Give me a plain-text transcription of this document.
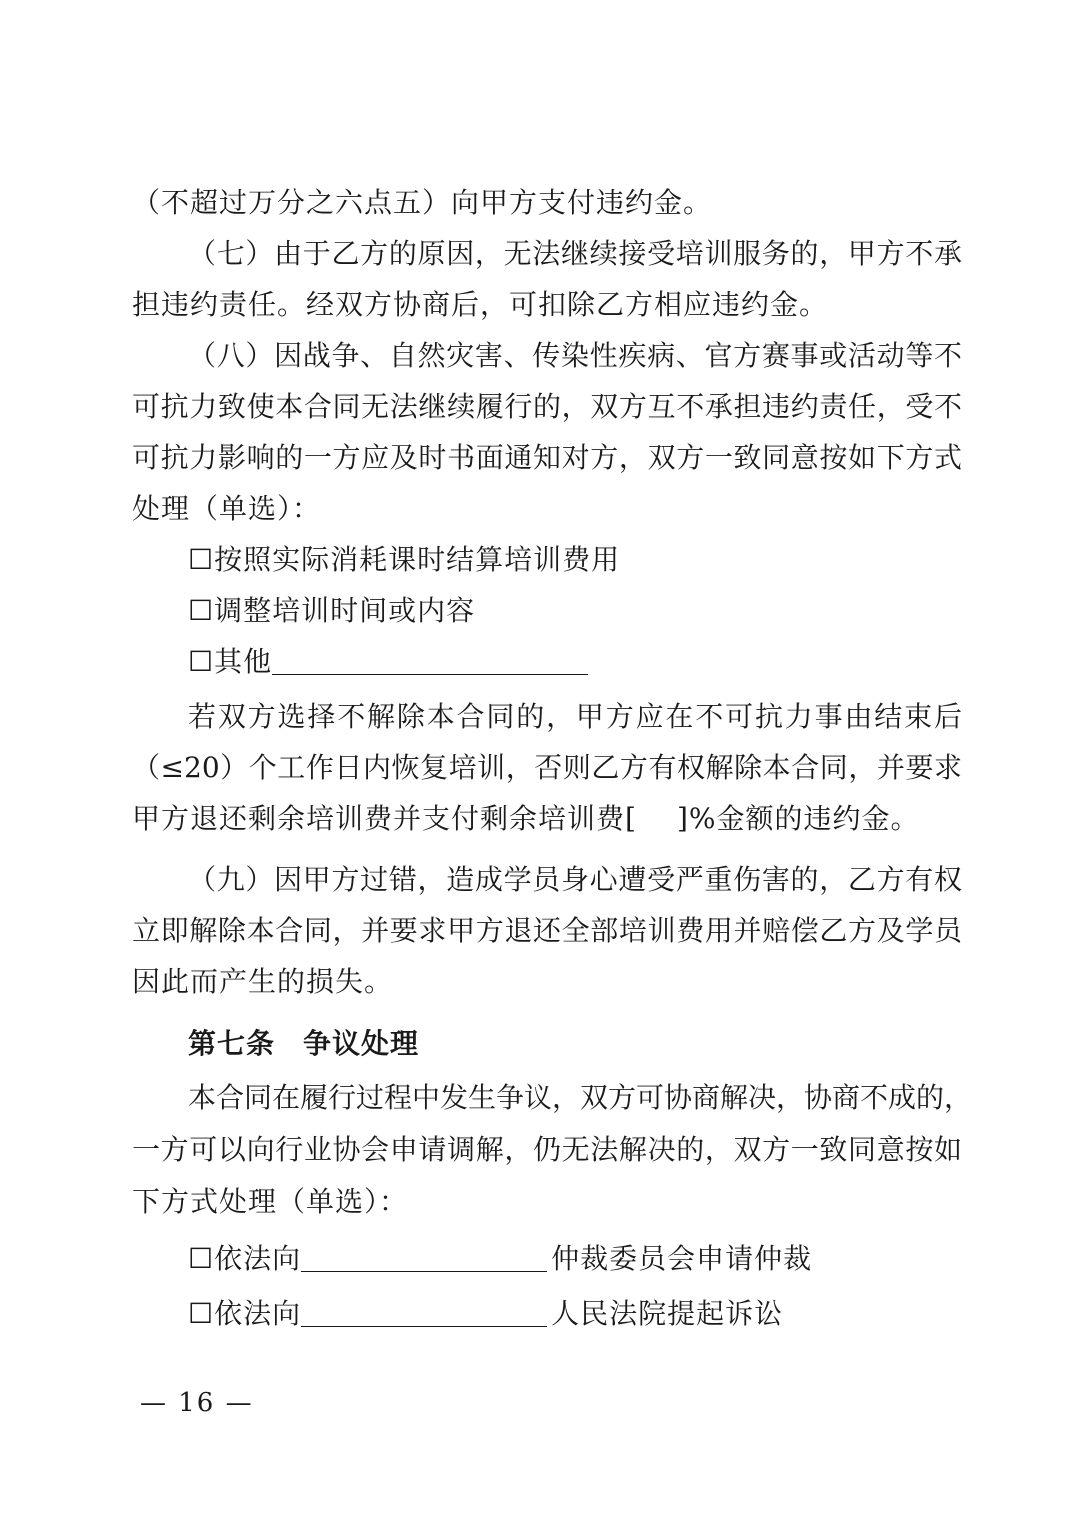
（不超过万分之六点五）向甲方支付违约金。
（七）由于乙方的原因，无法继续接受培训服务的，甲方不承
担违约责任。经双方协商后，可扣除乙方相应违约金。
（八）因战争、自然灾害、传染性疾病、官方赛事或活动等不
可抗力致使本合同无法继续履行的，双方互不承担违约责任，受不
可抗力影响的一方应及时书面通知对方，双方一致同意按如下方式
处理（单选）：
☐按照实际消耗课时结算培训费用
☐调整培训时间或内容
☐其他
若双方选择不解除本合同的，甲方应在不可抗力事由结束后
（≤20）个工作日内恢复培训，否则乙方有权解除本合同，并要求
甲方退还剩余培训费并支付剩余培训费[ ]%金额的违约金。
（九）因甲方过错，造成学员身心遭受严重伤害的，乙方有权
立即解除本合同，并要求甲方退还全部培训费用并赔偿乙方及学员
因此而产生的损失。
第七条 争议处理
本合同在履行过程中发生争议，双方可协商解决，协商不成的，
一方可以向行业协会申请调解，仍无法解决的，双方一致同意按如
下方式处理（单选）：
☐依法向	仲裁委员会申请仲裁
☐依法向	人民法院提起诉讼
— 16 —
